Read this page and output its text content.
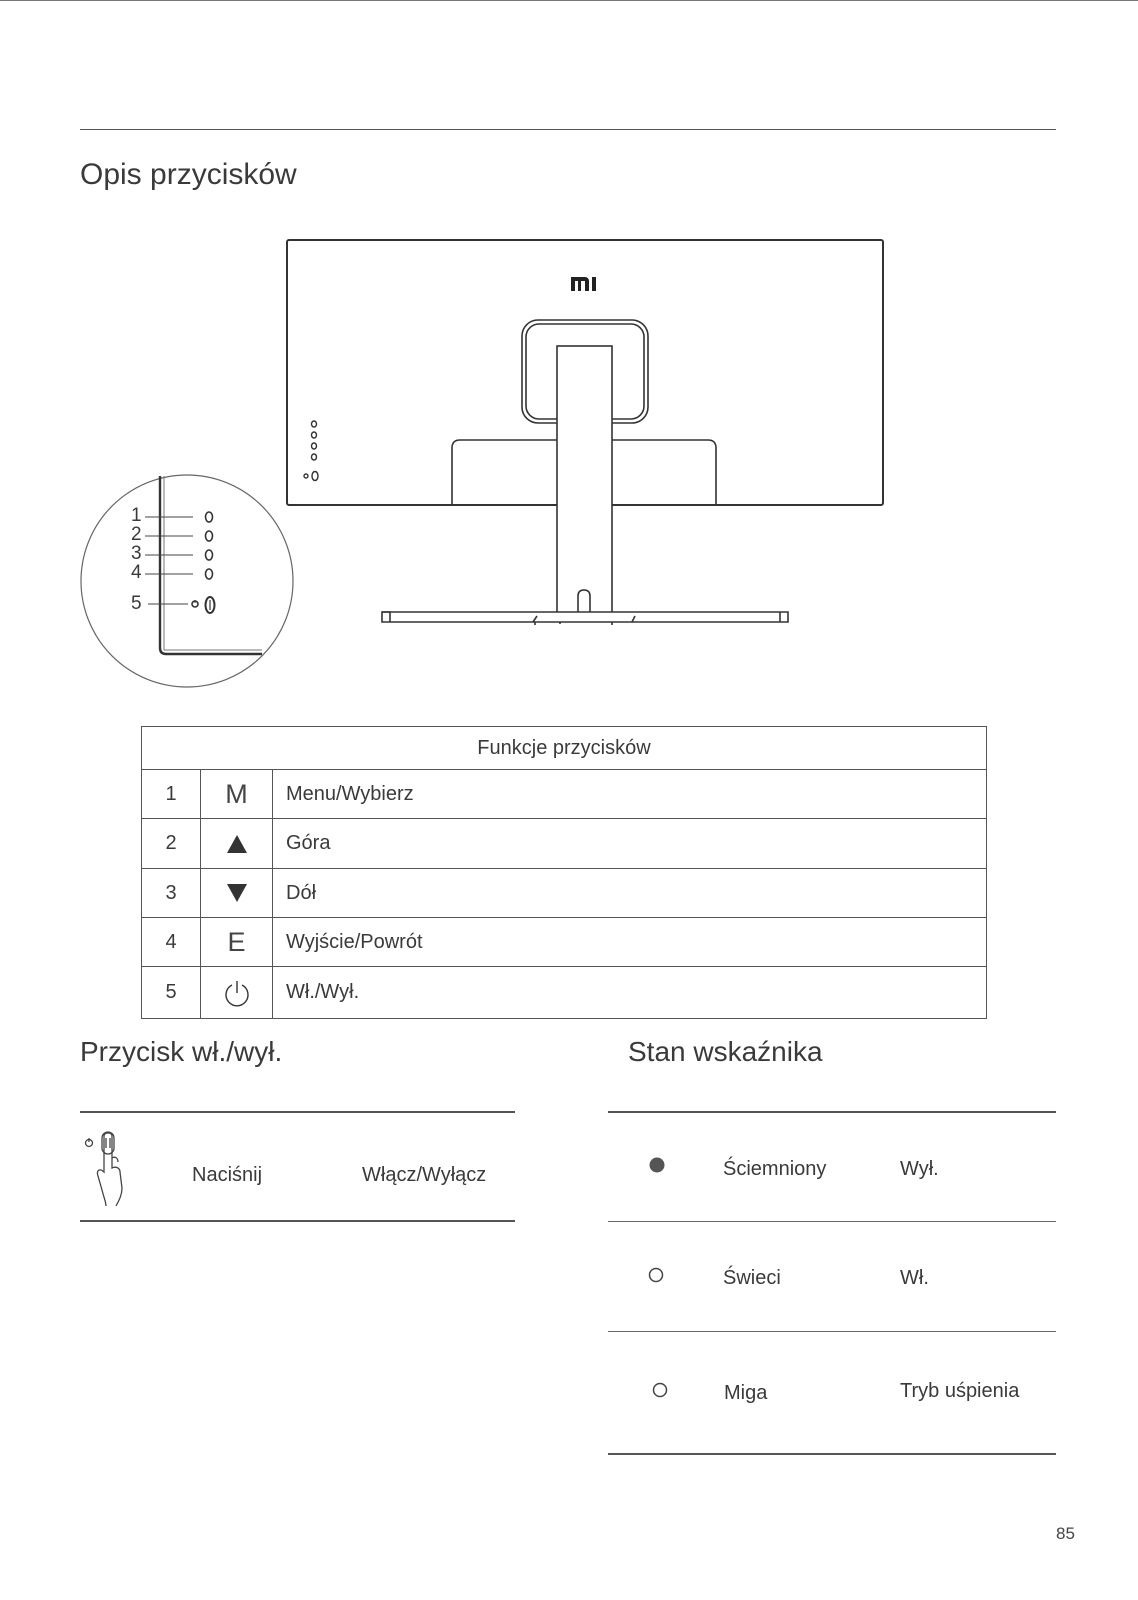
Opis przycisków
1
2
3
4
5
Funkcje przycisków		
1	M	Menu/Wybierz
2		Góra
3		Dół
4	E	Wyjście/Powrót
5		Wł./Wył.
Przycisk wł./wył.
Naciśnij	Włącz/Wyłącz
Stan wskaźnika
Ściemniony	Wył.
Świeci	Wł.
Miga	Tryb uśpienia
85
